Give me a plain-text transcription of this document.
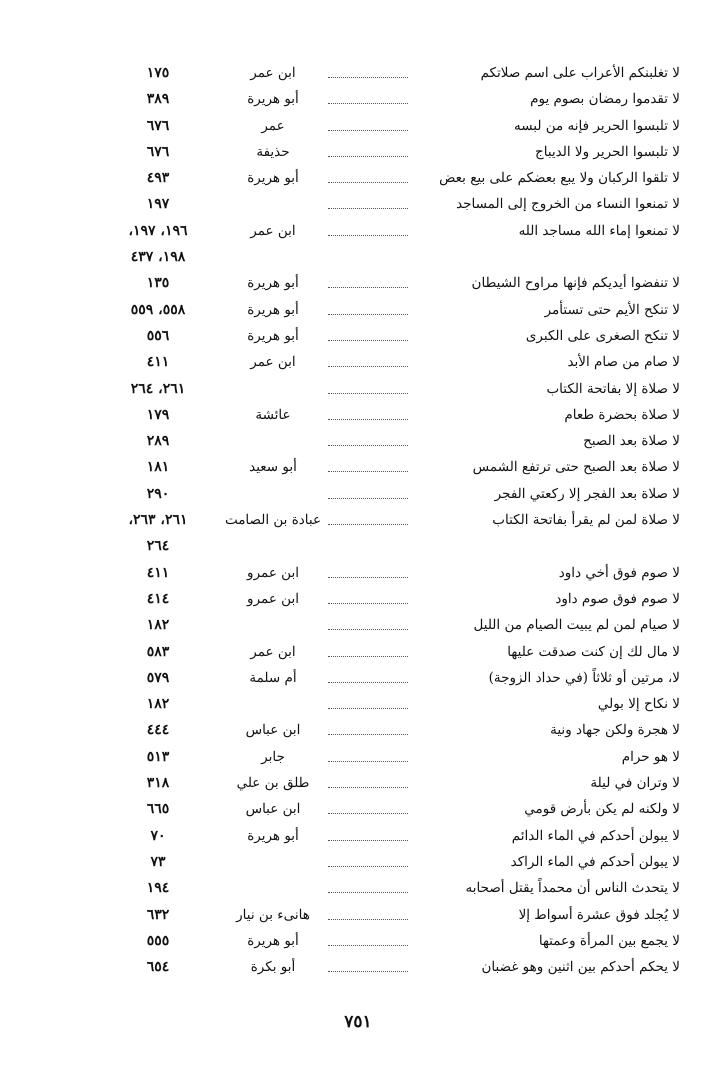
لا تغلبنكم الأعراب على اسم صلاتكم
ابن عمر
١٧٥
لا تقدموا رمضان بصوم يوم
أبو هريرة
٣٨٩
لا تلبسوا الحرير فإنه من لبسه
عمر
٦٧٦
لا تلبسوا الحرير ولا الديباج
حذيفة
٦٧٦
لا تلقوا الركبان ولا يبع بعضكم على بيع بعض
أبو هريرة
٤٩٣
لا تمنعوا النساء من الخروج إلى المساجد
١٩٧
لا تمنعوا إماء الله مساجد الله
ابن عمر
١٩٦، ١٩٧،
١٩٨، ٤٣٧
لا تنفضوا أيديكم فإنها مراوح الشيطان
أبو هريرة
١٣٥
لا تنكح الأيم حتى تستأمر
أبو هريرة
٥٥٨، ٥٥٩
لا تنكح الصغرى على الكبرى
أبو هريرة
٥٥٦
لا صام من صام الأبد
ابن عمر
٤١١
لا صلاة إلا بفاتحة الكتاب
٢٦١، ٢٦٤
لا صلاة بحضرة طعام
عائشة
١٧٩
لا صلاة بعد الصبح
٢٨٩
لا صلاة بعد الصبح حتى ترتفع الشمس
أبو سعيد
١٨١
لا صلاة بعد الفجر إلا ركعتي الفجر
٢٩٠
لا صلاة لمن لم يقرأ بفاتحة الكتاب
عبادة بن الصامت
٢٦١، ٢٦٣،
٢٦٤
لا صوم فوق أخي داود
ابن عمرو
٤١١
لا صوم فوق صوم داود
ابن عمرو
٤١٤
لا صيام لمن لم يبيت الصيام من الليل
١٨٢
لا مال لك إن كنت صدقت عليها
ابن عمر
٥٨٣
لا، مرتين أو ثلاثاً (في حداد الزوجة)
أم سلمة
٥٧٩
لا نكاح إلا بولي
١٨٢
لا هجرة ولكن جهاد ونية
ابن عباس
٤٤٤
لا هو حرام
جابر
٥١٣
لا وتران في ليلة
طلق بن علي
٣١٨
لا ولكنه لم يكن بأرض قومي
ابن عباس
٦٦٥
لا يبولن أحدكم في الماء الدائم
أبو هريرة
٧٠
لا يبولن أحدكم في الماء الراكد
٧٣
لا يتحدث الناس أن محمداً يقتل أصحابه
١٩٤
لا يُجلد فوق عشرة أسواط إلا
هانىء بن نيار
٦٣٢
لا يجمع بين المرأة وعمتها
أبو هريرة
٥٥٥
لا يحكم أحدكم بين اثنين وهو غضبان
أبو بكرة
٦٥٤
٧٥١
